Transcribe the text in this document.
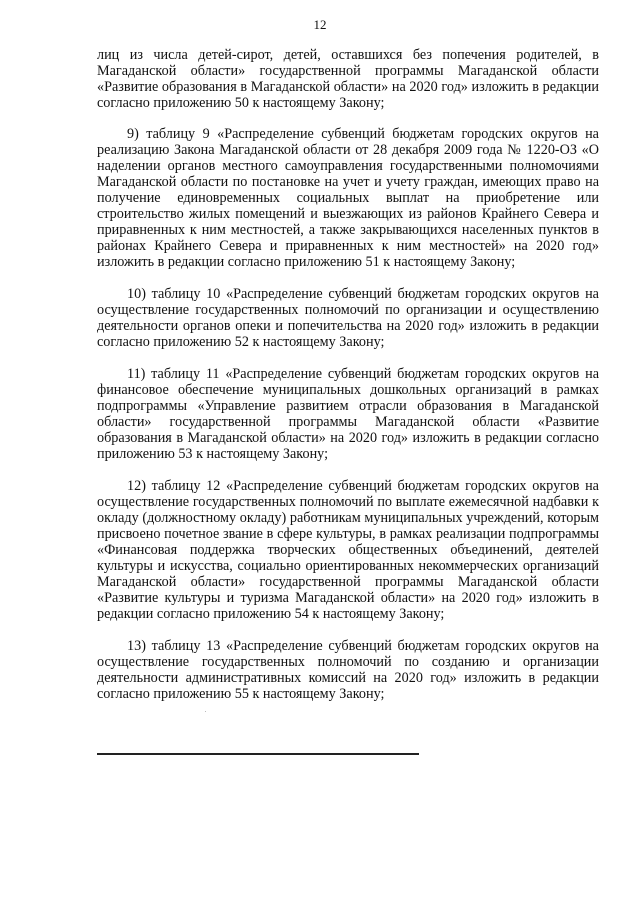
12

лиц из числа детей-сирот, детей, оставшихся без попечения родителей, в Магаданской области» государственной программы Магаданской области «Развитие образования в Магаданской области» на 2020 год» изложить в редакции согласно приложению 50 к настоящему Закону;

9) таблицу 9 «Распределение субвенций бюджетам городских округов на реализацию Закона Магаданской области от 28 декабря 2009 года № 1220-ОЗ «О наделении органов местного самоуправления государственными полномочиями Магаданской области по постановке на учет и учету граждан, имеющих право на получение единовременных социальных выплат на приобретение или строительство жилых помещений и выезжающих из районов Крайнего Севера и приравненных к ним местностей, а также закрывающихся населенных пунктов в районах Крайнего Севера и приравненных к ним местностей» на 2020 год» изложить в редакции согласно приложению 51 к настоящему Закону;

10) таблицу 10 «Распределение субвенций бюджетам городских округов на осуществление государственных полномочий по организации и осуществлению деятельности органов опеки и попечительства на 2020 год» изложить в редакции согласно приложению 52 к настоящему Закону;

11) таблицу 11 «Распределение субвенций бюджетам городских округов на финансовое обеспечение муниципальных дошкольных организаций в рамках подпрограммы «Управление развитием отрасли образования в Магаданской области» государственной программы Магаданской области «Развитие образования в Магаданской области» на 2020 год» изложить в редакции согласно приложению 53 к настоящему Закону;

12) таблицу 12 «Распределение субвенций бюджетам городских округов на осуществление государственных полномочий по выплате ежемесячной надбавки к окладу (должностному окладу) работникам муниципальных учреждений, которым присвоено почетное звание в сфере культуры, в рамках реализации подпрограммы «Финансовая поддержка творческих общественных объединений, деятелей культуры и искусства, социально ориентированных некоммерческих организаций Магаданской области» государственной программы Магаданской области «Развитие культуры и туризма Магаданской области» на 2020 год» изложить в редакции согласно приложению 54 к настоящему Закону;

13) таблицу 13 «Распределение субвенций бюджетам городских округов на осуществление государственных полномочий по созданию и организации деятельности административных комиссий на 2020 год» изложить в редакции согласно приложению 55 к настоящему Закону;
